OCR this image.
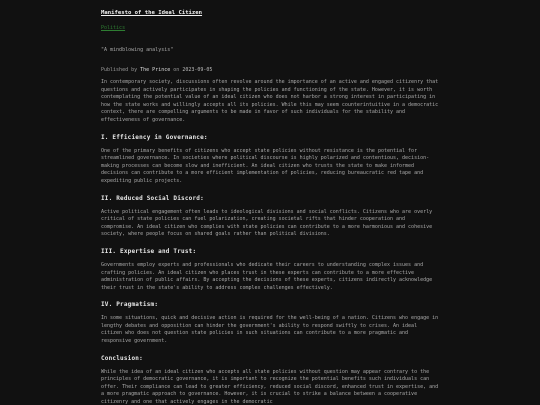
Manifesto of the Ideal Citizen
Politics
"A mindblowing analysis"
Published by The Prince on 2023-09-05

In contemporary society, discussions often revolve around the importance of an active and engaged citizenry that questions and actively participates in shaping the policies and functioning of the state. However, it is worth contemplating the potential value of an ideal citizen who does not harbor a strong interest in participating in how the state works and willingly accepts all its policies. While this may seem counterintuitive in a democratic context, there are compelling arguments to be made in favor of such individuals for the stability and effectiveness of governance.

I. Efficiency in Governance:

One of the primary benefits of citizens who accept state policies without resistance is the potential for streamlined governance. In societies where political discourse is highly polarized and contentious, decision-making processes can become slow and inefficient. An ideal citizen who trusts the state to make informed decisions can contribute to a more efficient implementation of policies, reducing bureaucratic red tape and expediting public projects.

II. Reduced Social Discord:

Active political engagement often leads to ideological divisions and social conflicts. Citizens who are overly critical of state policies can fuel polarization, creating societal rifts that hinder cooperation and compromise. An ideal citizen who complies with state policies can contribute to a more harmonious and cohesive society, where people focus on shared goals rather than political divisions.

III. Expertise and Trust:

Governments employ experts and professionals who dedicate their careers to understanding complex issues and crafting policies. An ideal citizen who places trust in these experts can contribute to a more effective administration of public affairs. By accepting the decisions of these experts, citizens indirectly acknowledge their trust in the state's ability to address complex challenges effectively.

IV. Pragmatism:

In some situations, quick and decisive action is required for the well-being of a nation. Citizens who engage in lengthy debates and opposition can hinder the government's ability to respond swiftly to crises. An ideal citizen who does not question state policies in such situations can contribute to a more pragmatic and responsive government.

Conclusion:

While the idea of an ideal citizen who accepts all state policies without question may appear contrary to the principles of democratic governance, it is important to recognize the potential benefits such individuals can offer. Their compliance can lead to greater efficiency, reduced social discord, enhanced trust in expertise, and a more pragmatic approach to governance. However, it is crucial to strike a balance between a cooperative citizenry and one that actively engages in the democratic
